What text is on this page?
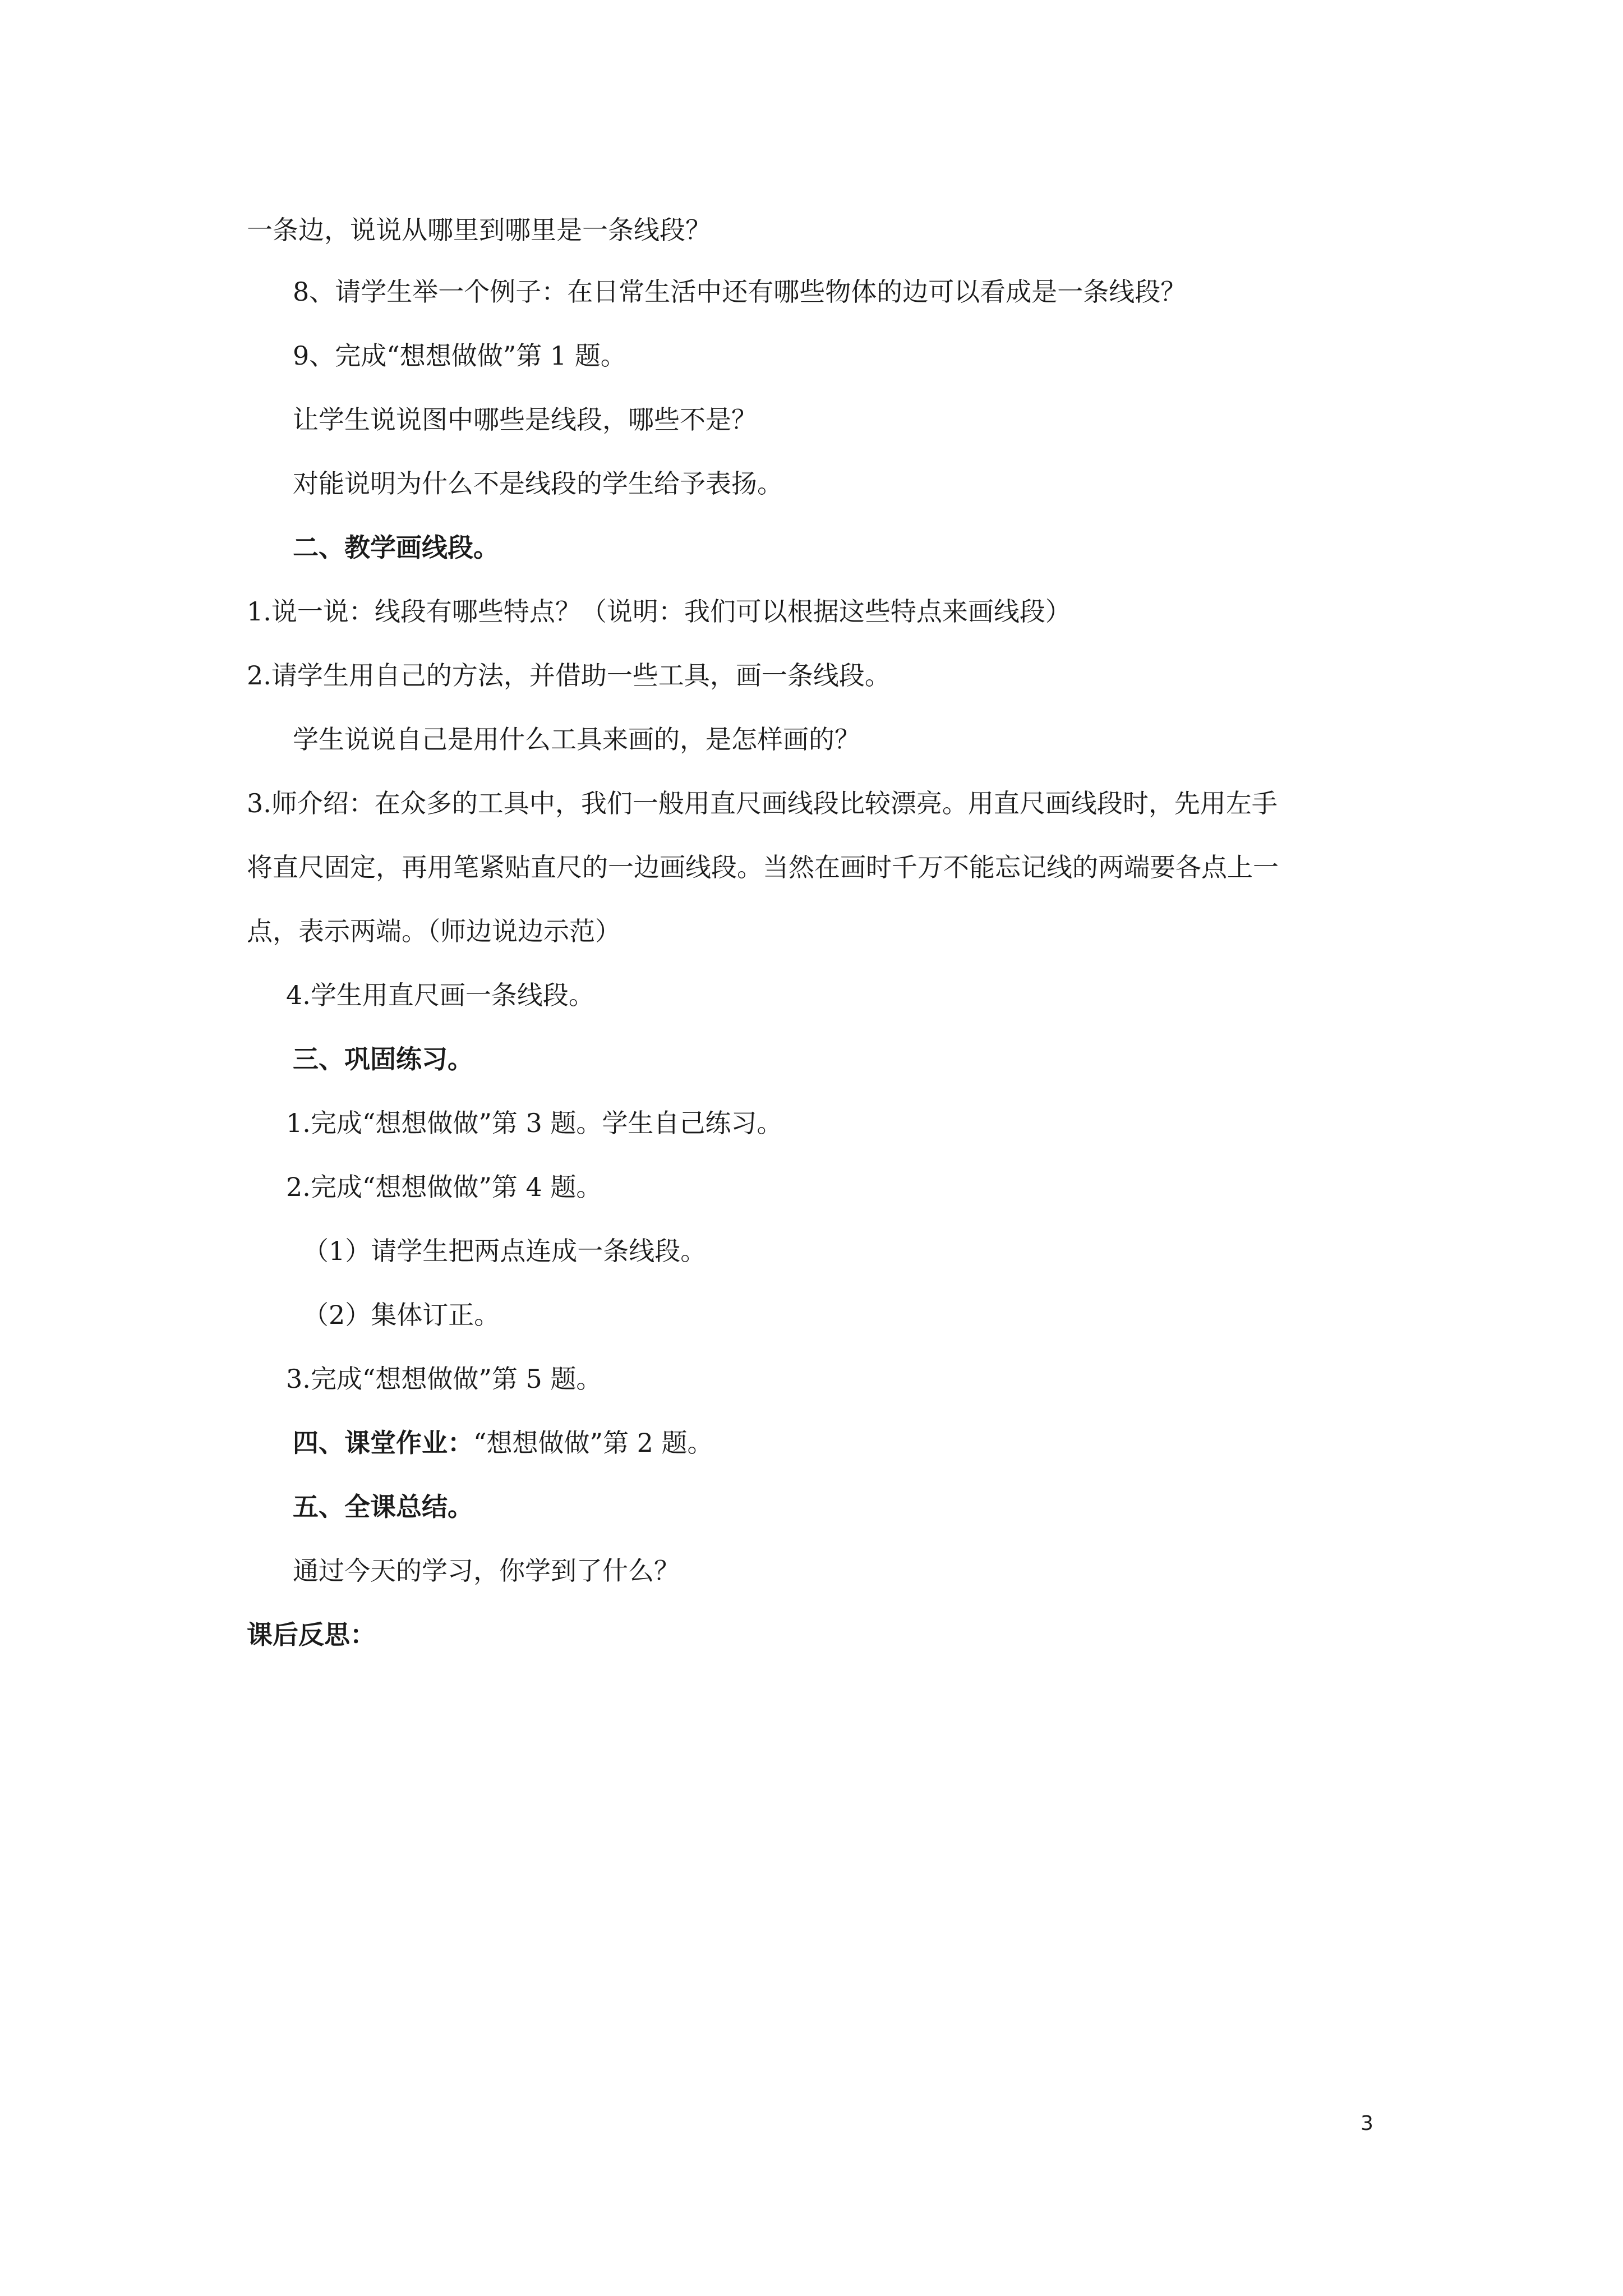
一条边，说说从哪里到哪里是一条线段？
8、请学生举一个例子：在日常生活中还有哪些物体的边可以看成是一条线段？
9、完成“想想做做”第 1 题。
让学生说说图中哪些是线段，哪些不是？
对能说明为什么不是线段的学生给予表扬。
二、教学画线段。
1.说一说：线段有哪些特点？（说明：我们可以根据这些特点来画线段）
2.请学生用自己的方法，并借助一些工具，画一条线段。
学生说说自己是用什么工具来画的，是怎样画的？
3.师介绍：在众多的工具中，我们一般用直尺画线段比较漂亮。用直尺画线段时，先用左手
将直尺固定，再用笔紧贴直尺的一边画线段。当然在画时千万不能忘记线的两端要各点上一
点，表示两端。（师边说边示范）
4.学生用直尺画一条线段。
三、巩固练习。
1.完成“想想做做”第 3 题。学生自己练习。
2.完成“想想做做”第 4 题。
（1）请学生把两点连成一条线段。
（2）集体订正。
3.完成“想想做做”第 5 题。
四、课堂作业：“想想做做”第 2 题。
五、全课总结。
通过今天的学习，你学到了什么？
课后反思：
3
